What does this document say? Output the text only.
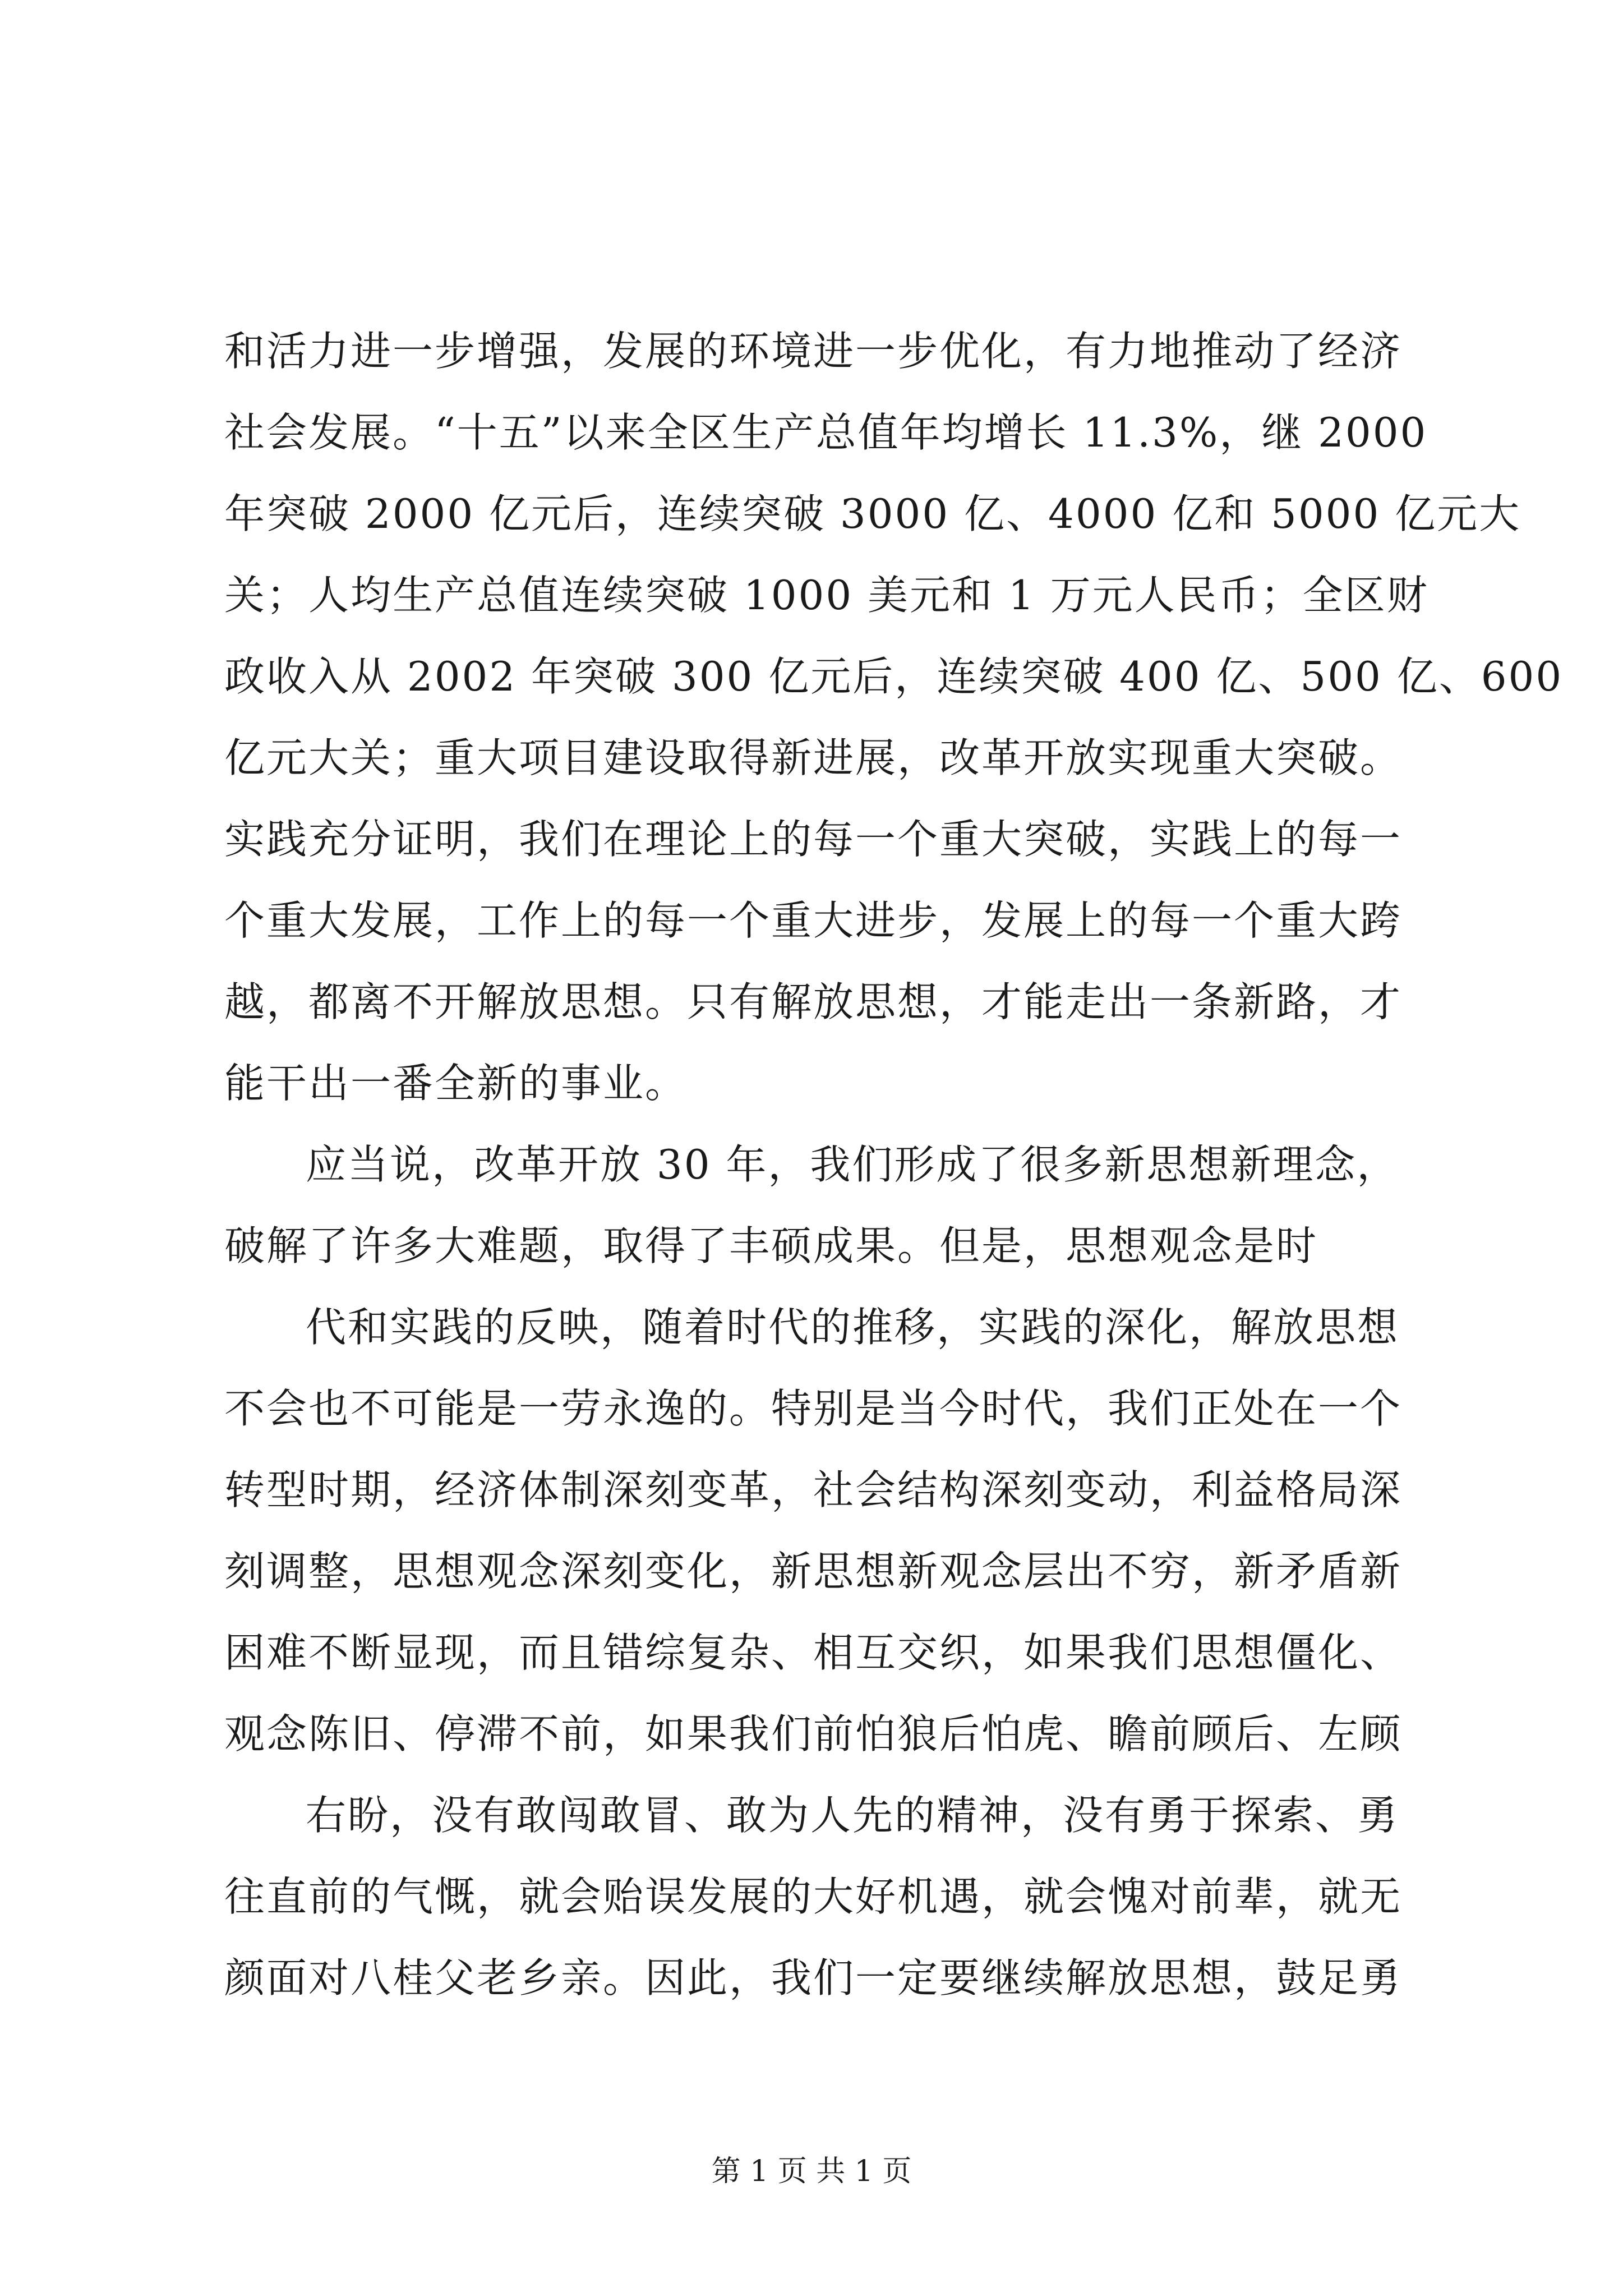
和活力进一步增强，发展的环境进一步优化，有力地推动了经济
社会发展。“十五”以来全区生产总值年均增长 11.3%，继 2000
年突破 2000 亿元后，连续突破 3000 亿、4000 亿和 5000 亿元大
关；人均生产总值连续突破 1000 美元和 1 万元人民币；全区财
政收入从 2002 年突破 300 亿元后，连续突破 400 亿、500 亿、600
亿元大关；重大项目建设取得新进展，改革开放实现重大突破。
实践充分证明，我们在理论上的每一个重大突破，实践上的每一
个重大发展，工作上的每一个重大进步，发展上的每一个重大跨
越，都离不开解放思想。只有解放思想，才能走出一条新路，才
能干出一番全新的事业。
应当说，改革开放 30 年，我们形成了很多新思想新理念，
破解了许多大难题，取得了丰硕成果。但是，思想观念是时
代和实践的反映，随着时代的推移，实践的深化，解放思想
不会也不可能是一劳永逸的。特别是当今时代，我们正处在一个
转型时期，经济体制深刻变革，社会结构深刻变动，利益格局深
刻调整，思想观念深刻变化，新思想新观念层出不穷，新矛盾新
困难不断显现，而且错综复杂、相互交织，如果我们思想僵化、
观念陈旧、停滞不前，如果我们前怕狼后怕虎、瞻前顾后、左顾
右盼，没有敢闯敢冒、敢为人先的精神，没有勇于探索、勇
往直前的气慨，就会贻误发展的大好机遇，就会愧对前辈，就无
颜面对八桂父老乡亲。因此，我们一定要继续解放思想，鼓足勇
第 1 页 共 1 页
